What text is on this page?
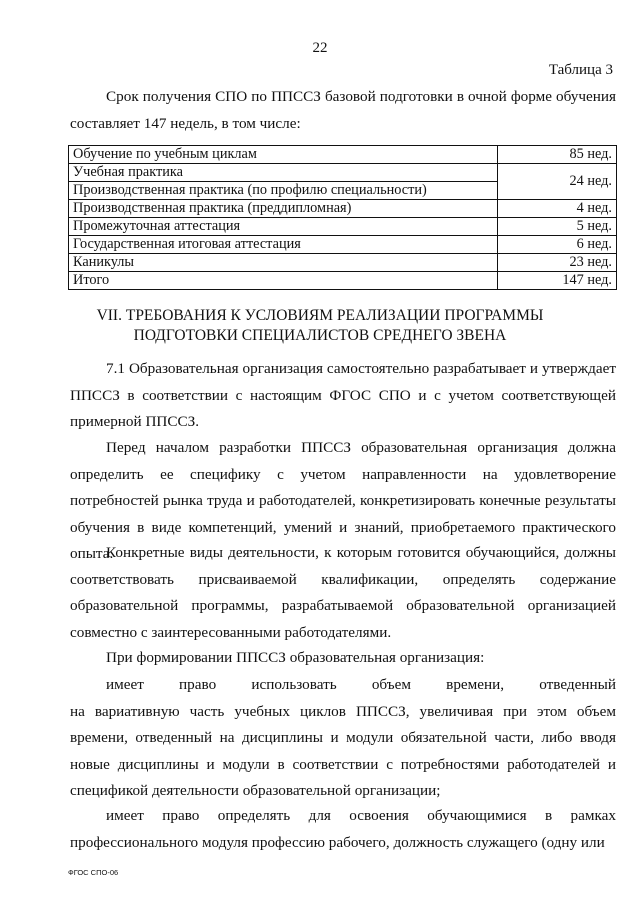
22
Таблица 3

Срок получения СПО по ППССЗ базовой подготовки в очной форме обучения составляет 147 недель, в том числе:

Обучение по учебным циклам	85 нед.
Учебная практика	24 нед.
Производственная практика (по профилю специальности)	
Производственная практика (преддипломная)	4 нед.
Промежуточная аттестация	5 нед.
Государственная итоговая аттестация	6 нед.
Каникулы	23 нед.
Итого	147 нед.
VII. ТРЕБОВАНИЯ К УСЛОВИЯМ РЕАЛИЗАЦИИ ПРОГРАММЫ
ПОДГОТОВКИ СПЕЦИАЛИСТОВ СРЕДНЕГО ЗВЕНА

7.1 Образовательная организация самостоятельно разрабатывает и утверждает ППССЗ в соответствии с настоящим ФГОС СПО и с учетом соответствующей примерной ППССЗ.

Перед началом разработки ППССЗ образовательная организация должна определить ее специфику с учетом направленности на удовлетворение потребностей рынка труда и работодателей, конкретизировать конечные результаты обучения в виде компетенций, умений и знаний, приобретаемого практического опыта.

Конкретные виды деятельности, к которым готовится обучающийся, должны соответствовать присваиваемой квалификации, определять содержание образовательной программы, разрабатываемой образовательной организацией совместно с заинтересованными работодателями.

При формировании ППССЗ образовательная организация:

имеет право использовать объем времени, отведенный
на вариативную часть учебных циклов ППССЗ, увеличивая при этом объем времени, отведенный на дисциплины и модули обязательной части, либо вводя новые дисциплины и модули в соответствии с потребностями работодателей и спецификой деятельности образовательной организации;
имеет право определять для освоения обучающимися в рамках
профессионального модуля профессию рабочего, должность служащего (одну или
ФГОС СПО-06
